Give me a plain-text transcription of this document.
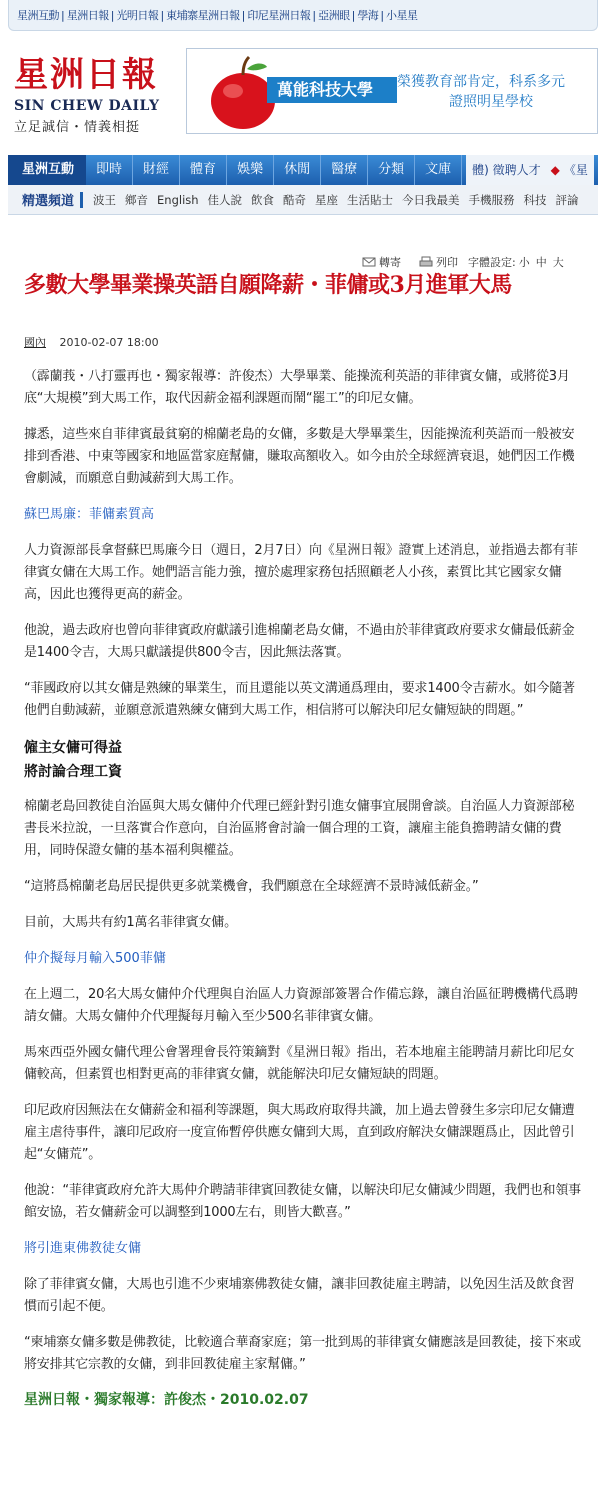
星洲互動 | 星洲日報 | 光明日報 | 東埔寨星洲日報 | 印尼星洲日報 | 亞洲眼 | 學海 | 小星星
星洲日報
SIN CHEW DAILY
立足誠信・情義相挺
萬能科技大學	榮獲教育部肯定，科系多元
證照明星學校
星洲互動	即時	財經	體育	娛樂	休閒	醫療	分類	文庫	體) 徵聘人才 ◆ 《星
精選頻道	波王 鄉音 English 佳人說 飲食 酷奇 星座 生活貼士 今日我最美 手機服務 科技 評論
轉寄	列印 字體設定: 小 中 大
多數大學畢業操英語自願降薪・菲傭或3月進軍大馬
國內 2010-02-07 18:00

（霹蘭莪・八打靈再也・獨家報導：許俊杰）大學畢業、能操流利英語的菲律賓女傭，或將從3月底“大規模”到大馬工作，取代因薪金福利課題而鬧“罷工”的印尼女傭。

據悉，這些來自菲律賓最貧窮的棉蘭老島的女傭，多數是大學畢業生，因能操流利英語而一般被安排到香港、中東等國家和地區當家庭幫傭，賺取高額收入。如今由於全球經濟衰退，她們因工作機會劇減，而願意自動減薪到大馬工作。

蘇巴馬廉：菲傭素質高

人力資源部長拿督蘇巴馬廉今日（週日，2月7日）向《星洲日報》證實上述消息，並指過去都有菲律賓女傭在大馬工作。她們語言能力強，擅於處理家務包括照顧老人小孩，素質比其它國家女傭高，因此也獲得更高的薪金。

他說，過去政府也曾向菲律賓政府獻議引進棉蘭老島女傭，不過由於菲律賓政府要求女傭最低薪金是1400令吉，大馬只獻議提供800令吉，因此無法落實。

“菲國政府以其女傭是熟練的畢業生，而且還能以英文溝通爲理由，要求1400令吉薪水。如今隨著他們自動減薪，並願意派遣熟練女傭到大馬工作，相信將可以解決印尼女傭短缺的問題。”

僱主女傭可得益
將討論合理工資

棉蘭老島回教徒自治區與大馬女傭仲介代理已經針對引進女傭事宜展開會談。自治區人力資源部秘書長米拉說，一旦落實合作意向，自治區將會討論一個合理的工資，讓雇主能負擔聘請女傭的費用，同時保證女傭的基本福利與權益。

“這將爲棉蘭老島居民提供更多就業機會，我們願意在全球經濟不景時減低薪金。”

目前，大馬共有約1萬名菲律賓女傭。

仲介擬每月輸入500菲傭

在上週二，20名大馬女傭仲介代理與自治區人力資源部簽署合作備忘錄，讓自治區征聘機構代爲聘請女傭。大馬女傭仲介代理擬每月輸入至少500名菲律賓女傭。

馬來西亞外國女傭代理公會署理會長符策鏑對《星洲日報》指出，若本地雇主能聘請月薪比印尼女傭較高，但素質也相對更高的菲律賓女傭，就能解決印尼女傭短缺的問題。

印尼政府因無法在女傭薪金和福利等課題，與大馬政府取得共識，加上過去曾發生多宗印尼女傭遭雇主虐待事件，讓印尼政府一度宣佈暫停供應女傭到大馬，直到政府解決女傭課題爲止，因此曾引起“女傭荒”。

他說：“菲律賓政府允許大馬仲介聘請菲律賓回教徒女傭，以解決印尼女傭減少問題，我們也和領事館安協，若女傭薪金可以調整到1000左右，則皆大歡喜。”

將引進東佛教徒女傭

除了菲律賓女傭，大馬也引進不少柬埔寨佛教徒女傭，讓非回教徒雇主聘請，以免因生活及飲食習慣而引起不便。

“柬埔寨女傭多數是佛教徒，比較適合華裔家庭；第一批到馬的菲律賓女傭應該是回教徒，接下來或將安排其它宗教的女傭，到非回教徒雇主家幫傭。”

星洲日報・獨家報導：許俊杰・2010.02.07
